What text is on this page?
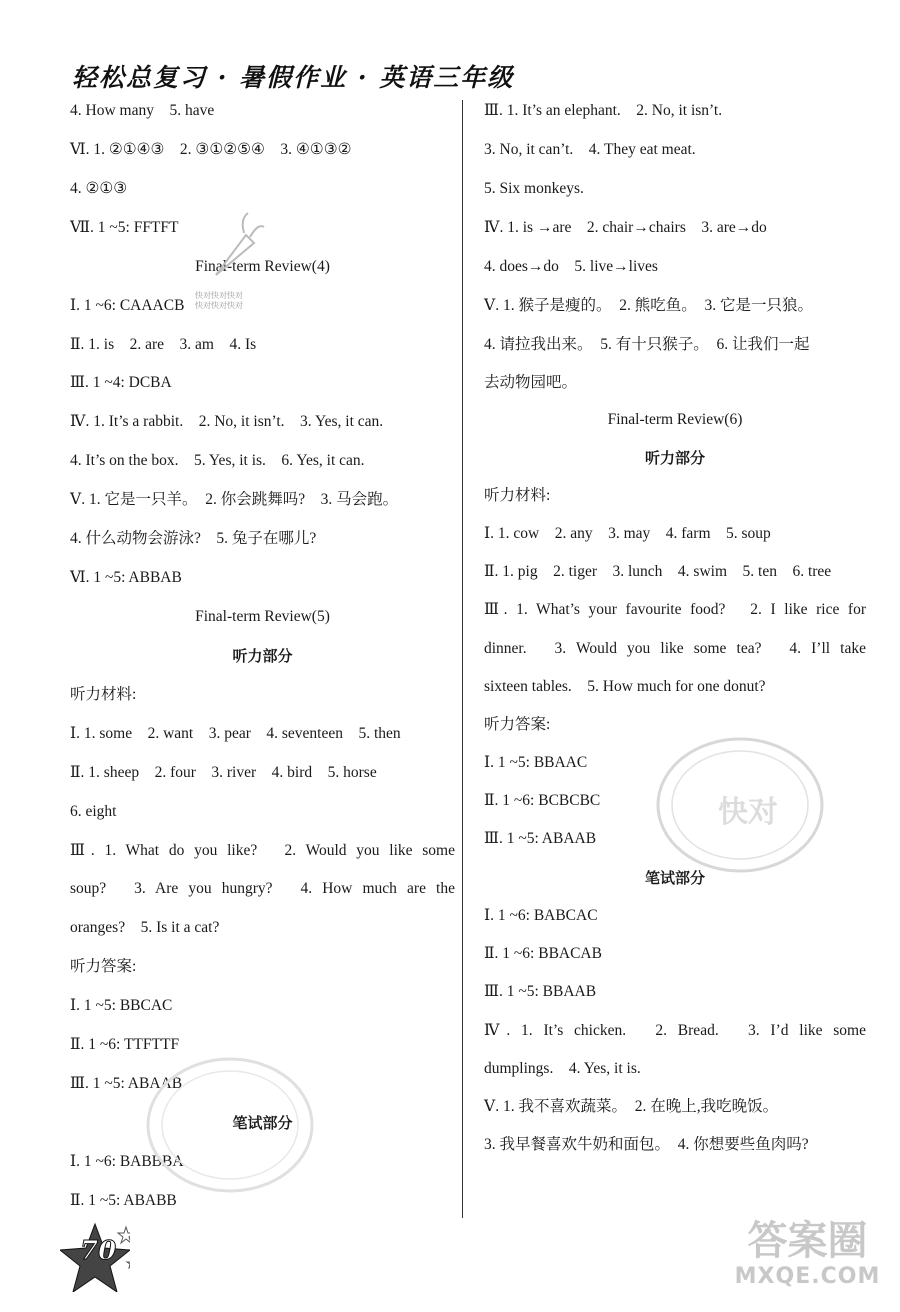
轻松总复习 · 暑假作业 · 英语三年级
4. How many　5. have
Ⅵ. 1. ②①④③　2. ③①②⑤④　3. ④①③②
4. ②①③
Ⅶ. 1 ~5: FFTFT
Final-term Review(4)
Ⅰ. 1 ~6: CAAACB
Ⅱ. 1. is　2. are　3. am　4. Is
Ⅲ. 1 ~4: DCBA
Ⅳ. 1. It’s a rabbit.　2. No, it isn’t.　3. Yes, it can.
4. It’s on the box.　5. Yes, it is.　6. Yes, it can.
Ⅴ. 1. 它是一只羊。　2. 你会跳舞吗?　3. 马会跑。
4. 什么动物会游泳?　5. 兔子在哪儿?
Ⅵ. 1 ~5: ABBAB
Final-term Review(5)
听力部分
听力材料:
Ⅰ. 1. some　2. want　3. pear　4. seventeen　5. then
Ⅱ. 1. sheep　2. four　3. river　4. bird　5. horse
6. eight
Ⅲ. 1. What do you like?　2. Would you like some
soup?　3. Are you hungry?　4. How much are the
oranges?　5. Is it a cat?
听力答案:
Ⅰ. 1 ~5: BBCAC
Ⅱ. 1 ~6: TTFTTF
Ⅲ. 1 ~5: ABAAB
笔试部分
Ⅰ. 1 ~6: BABBBA
Ⅱ. 1 ~5: ABABB
Ⅲ. 1. It’s an elephant.　2. No, it isn’t.
3. No, it can’t.　4. They eat meat.
5. Six monkeys.
Ⅳ. 1. is →are　2. chair→chairs　3. are→do
4. does→do　5. live→lives
Ⅴ. 1. 猴子是瘦的。　2. 熊吃鱼。　3. 它是一只狼。
4. 请拉我出来。　5. 有十只猴子。　6. 让我们一起
去动物园吧。
Final-term Review(6)
听力部分
听力材料:
Ⅰ. 1. cow　2. any　3. may　4. farm　5. soup
Ⅱ. 1. pig　2. tiger　3. lunch　4. swim　5. ten　6. tree
Ⅲ. 1. What’s your favourite food?　2. I like rice for
dinner.　3. Would you like some tea?　4. I’ll take
sixteen tables.　5. How much for one donut?
听力答案:
Ⅰ. 1 ~5: BBAAC
Ⅱ. 1 ~6: BCBCBC
Ⅲ. 1 ~5: ABAAB
笔试部分
Ⅰ. 1 ~6: BABCAC
Ⅱ. 1 ~6: BBACAB
Ⅲ. 1 ~5: BBAAB
Ⅳ. 1. It’s chicken.　2. Bread.　3. I’d like some
dumplings.　4. Yes, it is.
Ⅴ. 1. 我不喜欢蔬菜。　2. 在晚上,我吃晚饭。
3. 我早餐喜欢牛奶和面包。　4. 你想要些鱼肉吗?
快对快对快对
快对快对快对
快对
70	答案圈
MXQE.COM
